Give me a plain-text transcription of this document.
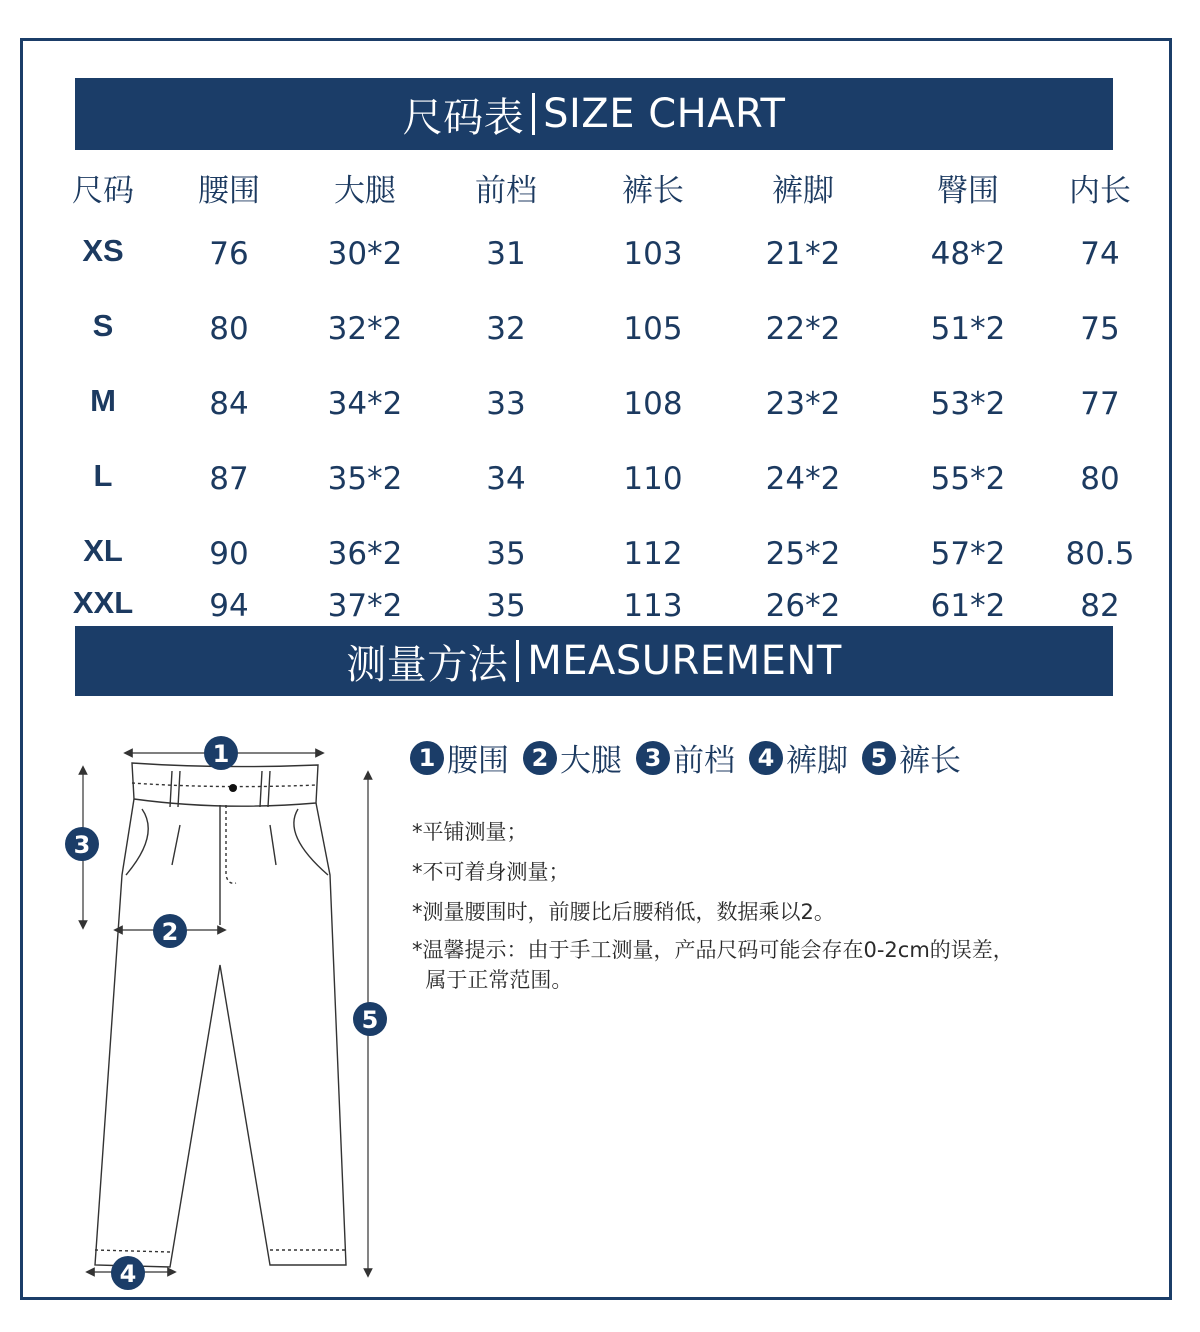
尺码表 SIZE CHART
尺码 腰围 大腿	前档	裤长	裤脚	臀围 内长
XS	76	30*2	31	103	21*2	48*2 74
S	80	32*2	32	105	22*2	51*2 75
M	84	34*2	33	108	23*2	53*2 77
L	87	35*2	34	110	24*2	55*2 80
XL	90	36*2	35	112	25*2	57*2 80.5
XXL 94	37*2	35	113	26*2	61*2 82
测量方法 MEASUREMENT
1
3
2
5
4
1 腰围 2 大腿 3 前档 4 裤脚 5 裤长
*平铺测量；
*不可着身测量；
*测量腰围时，前腰比后腰稍低，数据乘以2。
*温馨提示：由于手工测量，产品尺码可能会存在0-2cm的误差，
属于正常范围。
